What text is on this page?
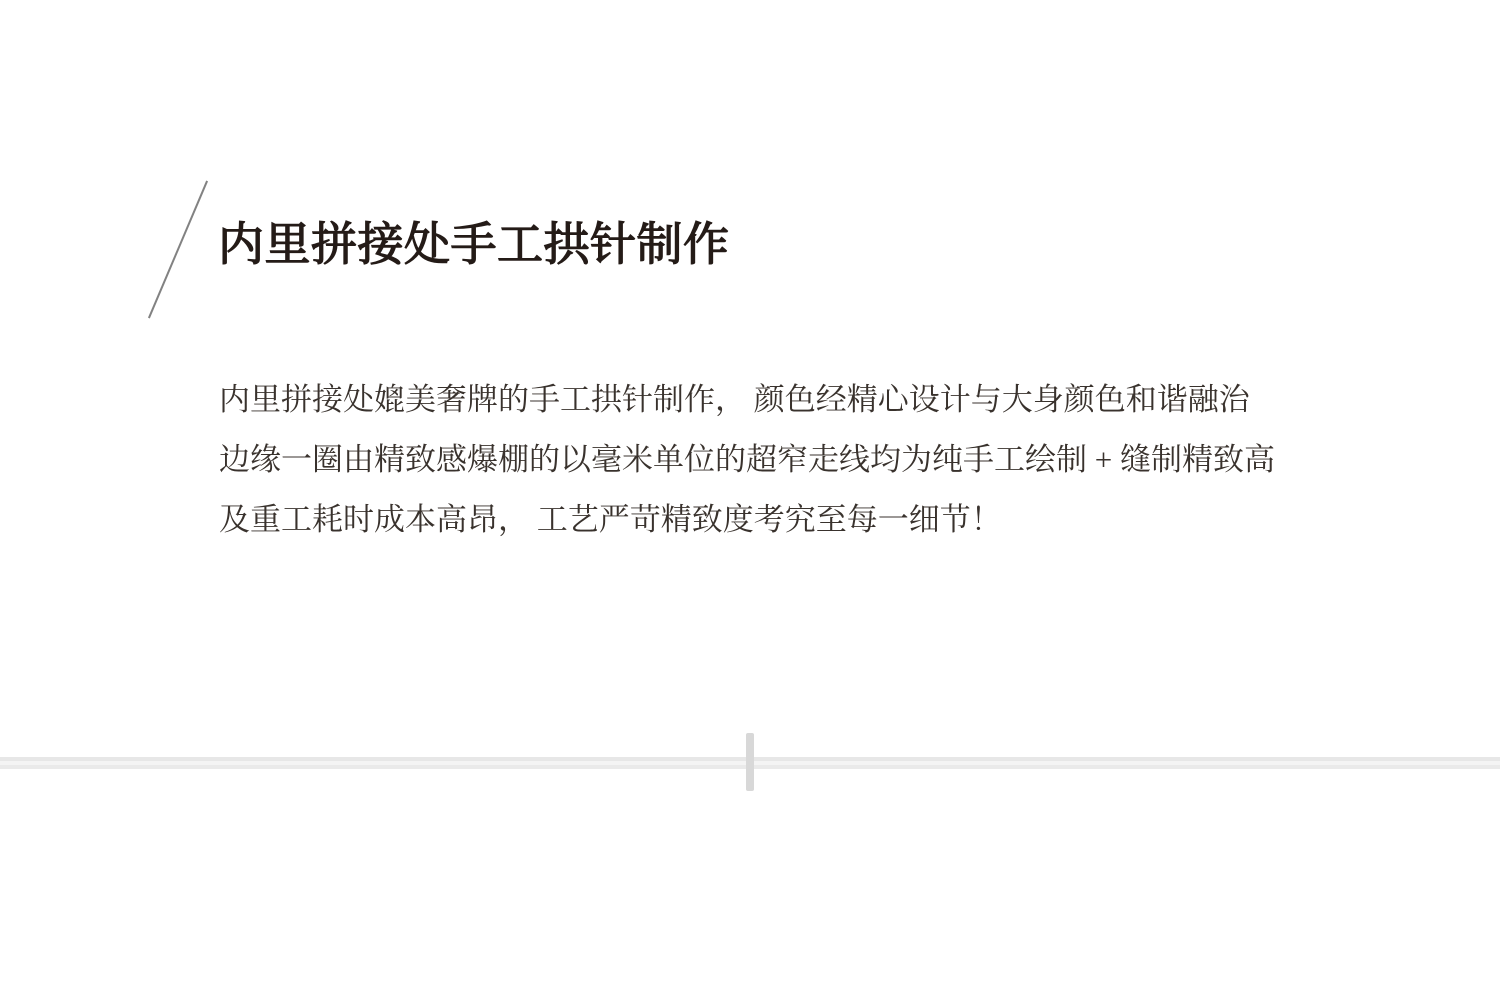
内里拼接处手工拱针制作
内里拼接处媲美奢牌的手工拱针制作， 颜色经精心设计与大身颜色和谐融治
边缘一圈由精致感爆棚的以毫米单位的超窄走线均为纯手工绘制 + 缝制精致高
及重工耗时成本高昂， 工艺严苛精致度考究至每一细节！
